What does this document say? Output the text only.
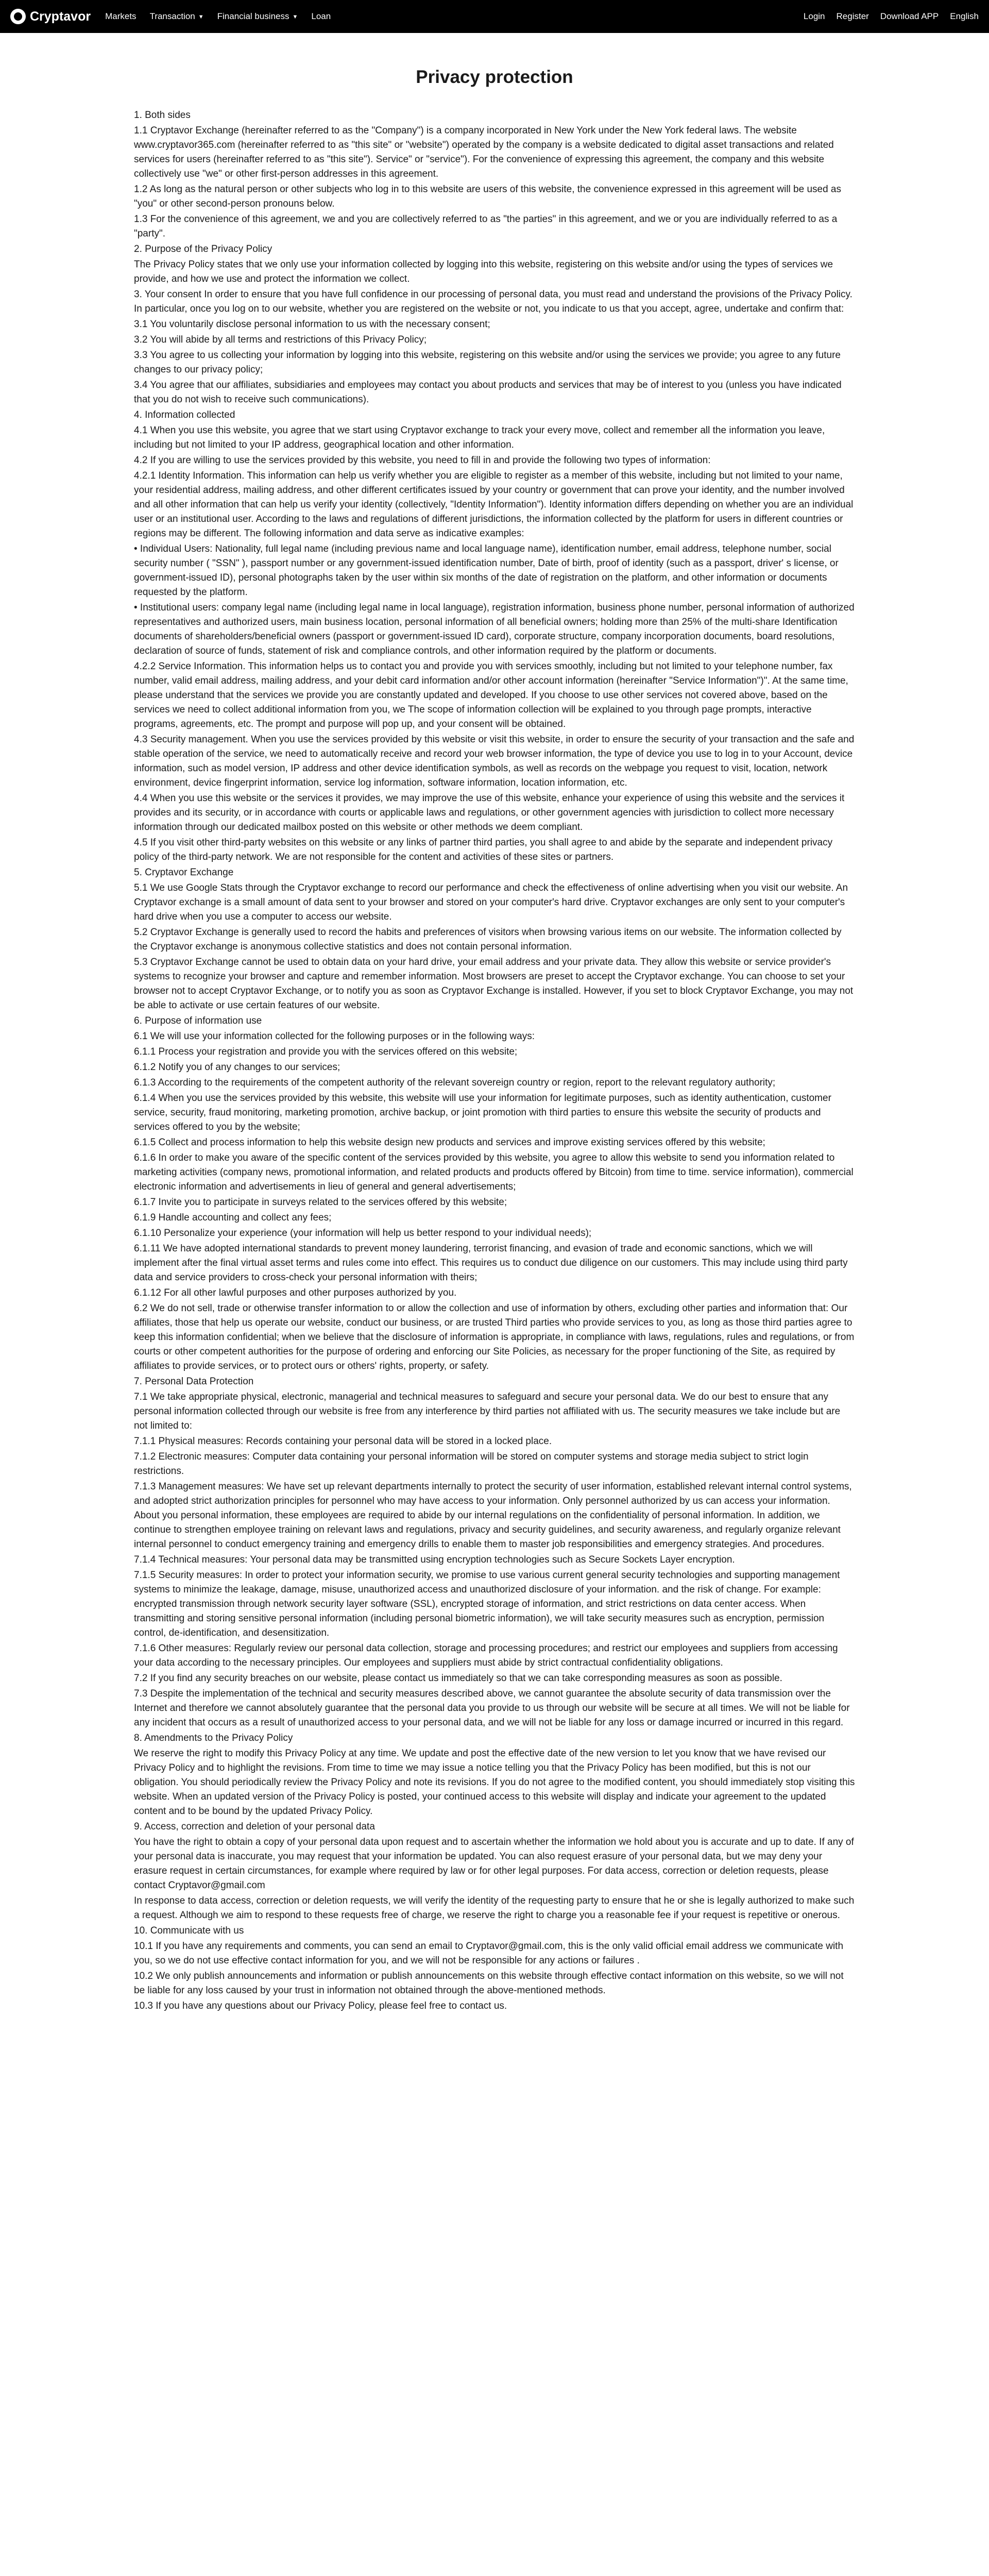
Cryptavor Markets Transaction ▼ Financial business ▼ Loan	Login Register Download APP English
Privacy protection

1. Both sides

1.1 Cryptavor Exchange (hereinafter referred to as the "Company") is a company incorporated in New York under the New York federal laws. The website www.cryptavor365.com (hereinafter referred to as "this site" or "website") operated by the company is a website dedicated to digital asset transactions and related services for users (hereinafter referred to as "this site"). Service" or "service"). For the convenience of expressing this agreement, the company and this website collectively use "we" or other first-person addresses in this agreement.

1.2 As long as the natural person or other subjects who log in to this website are users of this website, the convenience expressed in this agreement will be used as "you" or other second-person pronouns below.

1.3 For the convenience of this agreement, we and you are collectively referred to as "the parties" in this agreement, and we or you are individually referred to as a "party".

2. Purpose of the Privacy Policy

The Privacy Policy states that we only use your information collected by logging into this website, registering on this website and/or using the types of services we provide, and how we use and protect the information we collect.

3. Your consent In order to ensure that you have full confidence in our processing of personal data, you must read and understand the provisions of the Privacy Policy. In particular, once you log on to our website, whether you are registered on the website or not, you indicate to us that you accept, agree, undertake and confirm that:

3.1 You voluntarily disclose personal information to us with the necessary consent;

3.2 You will abide by all terms and restrictions of this Privacy Policy;

3.3 You agree to us collecting your information by logging into this website, registering on this website and/or using the services we provide; you agree to any future changes to our privacy policy;

3.4 You agree that our affiliates, subsidiaries and employees may contact you about products and services that may be of interest to you (unless you have indicated that you do not wish to receive such communications).

4. Information collected

4.1 When you use this website, you agree that we start using Cryptavor exchange to track your every move, collect and remember all the information you leave, including but not limited to your IP address, geographical location and other information.

4.2 If you are willing to use the services provided by this website, you need to fill in and provide the following two types of information:

4.2.1 Identity Information. This information can help us verify whether you are eligible to register as a member of this website, including but not limited to your name, your residential address, mailing address, and other different certificates issued by your country or government that can prove your identity, and the number involved and all other information that can help us verify your identity (collectively, "Identity Information"). Identity information differs depending on whether you are an individual user or an institutional user. According to the laws and regulations of different jurisdictions, the information collected by the platform for users in different countries or regions may be different. The following information and data serve as indicative examples:

• Individual Users: Nationality, full legal name (including previous name and local language name), identification number, email address, telephone number, social security number ( "SSN" ), passport number or any government-issued identification number, Date of birth, proof of identity (such as a passport, driver' s license, or government-issued ID), personal photographs taken by the user within six months of the date of registration on the platform, and other information or documents requested by the platform.

• Institutional users: company legal name (including legal name in local language), registration information, business phone number, personal information of authorized representatives and authorized users, main business location, personal information of all beneficial owners; holding more than 25% of the multi-share Identification documents of shareholders/beneficial owners (passport or government-issued ID card), corporate structure, company incorporation documents, board resolutions, declaration of source of funds, statement of risk and compliance controls, and other information required by the platform or documents.

4.2.2 Service Information. This information helps us to contact you and provide you with services smoothly, including but not limited to your telephone number, fax number, valid email address, mailing address, and your debit card information and/or other account information (hereinafter "Service Information")". At the same time, please understand that the services we provide you are constantly updated and developed. If you choose to use other services not covered above, based on the services we need to collect additional information from you, we The scope of information collection will be explained to you through page prompts, interactive programs, agreements, etc. The prompt and purpose will pop up, and your consent will be obtained.

4.3 Security management. When you use the services provided by this website or visit this website, in order to ensure the security of your transaction and the safe and stable operation of the service, we need to automatically receive and record your web browser information, the type of device you use to log in to your Account, device information, such as model version, IP address and other device identification symbols, as well as records on the webpage you request to visit, location, network environment, device fingerprint information, service log information, software information, location information, etc.

4.4 When you use this website or the services it provides, we may improve the use of this website, enhance your experience of using this website and the services it provides and its security, or in accordance with courts or applicable laws and regulations, or other government agencies with jurisdiction to collect more necessary information through our dedicated mailbox posted on this website or other methods we deem compliant.

4.5 If you visit other third-party websites on this website or any links of partner third parties, you shall agree to and abide by the separate and independent privacy policy of the third-party network. We are not responsible for the content and activities of these sites or partners.

5. Cryptavor Exchange

5.1 We use Google Stats through the Cryptavor exchange to record our performance and check the effectiveness of online advertising when you visit our website. An Cryptavor exchange is a small amount of data sent to your browser and stored on your computer's hard drive. Cryptavor exchanges are only sent to your computer's hard drive when you use a computer to access our website.

5.2 Cryptavor Exchange is generally used to record the habits and preferences of visitors when browsing various items on our website. The information collected by the Cryptavor exchange is anonymous collective statistics and does not contain personal information.

5.3 Cryptavor Exchange cannot be used to obtain data on your hard drive, your email address and your private data. They allow this website or service provider's systems to recognize your browser and capture and remember information. Most browsers are preset to accept the Cryptavor exchange. You can choose to set your browser not to accept Cryptavor Exchange, or to notify you as soon as Cryptavor Exchange is installed. However, if you set to block Cryptavor Exchange, you may not be able to activate or use certain features of our website.

6. Purpose of information use

6.1 We will use your information collected for the following purposes or in the following ways:

6.1.1 Process your registration and provide you with the services offered on this website;

6.1.2 Notify you of any changes to our services;

6.1.3 According to the requirements of the competent authority of the relevant sovereign country or region, report to the relevant regulatory authority;

6.1.4 When you use the services provided by this website, this website will use your information for legitimate purposes, such as identity authentication, customer service, security, fraud monitoring, marketing promotion, archive backup, or joint promotion with third parties to ensure this website the security of products and services offered to you by the website;

6.1.5 Collect and process information to help this website design new products and services and improve existing services offered by this website;

6.1.6 In order to make you aware of the specific content of the services provided by this website, you agree to allow this website to send you information related to marketing activities (company news, promotional information, and related products and products offered by Bitcoin) from time to time. service information), commercial electronic information and advertisements in lieu of general and general advertisements;

6.1.7 Invite you to participate in surveys related to the services offered by this website;

6.1.9 Handle accounting and collect any fees;

6.1.10 Personalize your experience (your information will help us better respond to your individual needs);

6.1.11 We have adopted international standards to prevent money laundering, terrorist financing, and evasion of trade and economic sanctions, which we will implement after the final virtual asset terms and rules come into effect. This requires us to conduct due diligence on our customers. This may include using third party data and service providers to cross-check your personal information with theirs;

6.1.12 For all other lawful purposes and other purposes authorized by you.

6.2 We do not sell, trade or otherwise transfer information to or allow the collection and use of information by others, excluding other parties and information that: Our affiliates, those that help us operate our website, conduct our business, or are trusted Third parties who provide services to you, as long as those third parties agree to keep this information confidential; when we believe that the disclosure of information is appropriate, in compliance with laws, regulations, rules and regulations, or from courts or other competent authorities for the purpose of ordering and enforcing our Site Policies, as necessary for the proper functioning of the Site, as required by affiliates to provide services, or to protect ours or others' rights, property, or safety.

7. Personal Data Protection

7.1 We take appropriate physical, electronic, managerial and technical measures to safeguard and secure your personal data. We do our best to ensure that any personal information collected through our website is free from any interference by third parties not affiliated with us. The security measures we take include but are not limited to:

7.1.1 Physical measures: Records containing your personal data will be stored in a locked place.

7.1.2 Electronic measures: Computer data containing your personal information will be stored on computer systems and storage media subject to strict login restrictions.

7.1.3 Management measures: We have set up relevant departments internally to protect the security of user information, established relevant internal control systems, and adopted strict authorization principles for personnel who may have access to your information. Only personnel authorized by us can access your information. About you personal information, these employees are required to abide by our internal regulations on the confidentiality of personal information. In addition, we continue to strengthen employee training on relevant laws and regulations, privacy and security guidelines, and security awareness, and regularly organize relevant internal personnel to conduct emergency training and emergency drills to enable them to master job responsibilities and emergency strategies. And procedures.

7.1.4 Technical measures: Your personal data may be transmitted using encryption technologies such as Secure Sockets Layer encryption.

7.1.5 Security measures: In order to protect your information security, we promise to use various current general security technologies and supporting management systems to minimize the leakage, damage, misuse, unauthorized access and unauthorized disclosure of your information. and the risk of change. For example: encrypted transmission through network security layer software (SSL), encrypted storage of information, and strict restrictions on data center access. When transmitting and storing sensitive personal information (including personal biometric information), we will take security measures such as encryption, permission control, de-identification, and desensitization.

7.1.6 Other measures: Regularly review our personal data collection, storage and processing procedures; and restrict our employees and suppliers from accessing your data according to the necessary principles. Our employees and suppliers must abide by strict contractual confidentiality obligations.

7.2 If you find any security breaches on our website, please contact us immediately so that we can take corresponding measures as soon as possible.

7.3 Despite the implementation of the technical and security measures described above, we cannot guarantee the absolute security of data transmission over the Internet and therefore we cannot absolutely guarantee that the personal data you provide to us through our website will be secure at all times. We will not be liable for any incident that occurs as a result of unauthorized access to your personal data, and we will not be liable for any loss or damage incurred or incurred in this regard.

8. Amendments to the Privacy Policy

We reserve the right to modify this Privacy Policy at any time. We update and post the effective date of the new version to let you know that we have revised our Privacy Policy and to highlight the revisions. From time to time we may issue a notice telling you that the Privacy Policy has been modified, but this is not our obligation. You should periodically review the Privacy Policy and note its revisions. If you do not agree to the modified content, you should immediately stop visiting this website. When an updated version of the Privacy Policy is posted, your continued access to this website will display and indicate your agreement to the updated content and to be bound by the updated Privacy Policy.

9. Access, correction and deletion of your personal data

You have the right to obtain a copy of your personal data upon request and to ascertain whether the information we hold about you is accurate and up to date. If any of your personal data is inaccurate, you may request that your information be updated. You can also request erasure of your personal data, but we may deny your erasure request in certain circumstances, for example where required by law or for other legal purposes. For data access, correction or deletion requests, please contact Cryptavor@gmail.com

In response to data access, correction or deletion requests, we will verify the identity of the requesting party to ensure that he or she is legally authorized to make such a request. Although we aim to respond to these requests free of charge, we reserve the right to charge you a reasonable fee if your request is repetitive or onerous.

10. Communicate with us

10.1 If you have any requirements and comments, you can send an email to Cryptavor@gmail.com, this is the only valid official email address we communicate with you, so we do not use effective contact information for you, and we will not be responsible for any actions or failures .

10.2 We only publish announcements and information or publish announcements on this website through effective contact information on this website, so we will not be liable for any loss caused by your trust in information not obtained through the above-mentioned methods.

10.3 If you have any questions about our Privacy Policy, please feel free to contact us.
